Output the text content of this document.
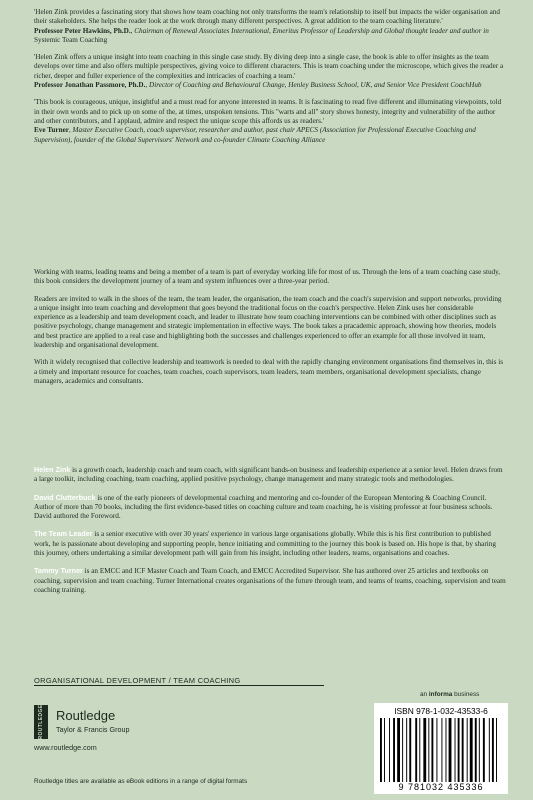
'Helen Zink provides a fascinating story that shows how team coaching not only transforms the team's relationship to itself but impacts the wider organisation and their stakeholders. She helps the reader look at the work through many different perspectives. A great addition to the team coaching literature.'
Professor Peter Hawkins, Ph.D., Chairman of Renewal Associates International, Emeritus Professor of Leadership and Global thought leader and author in Systemic Team Coaching
'Helen Zink offers a unique insight into team coaching in this single case study. By diving deep into a single case, the book is able to offer insights as the team develops over time and also offers multiple perspectives, giving voice to different characters. This is team coaching under the microscope, which gives the reader a richer, deeper and fuller experience of the complexities and intricacies of coaching a team.'
Professor Jonathan Passmore, Ph.D., Director of Coaching and Behavioural Change, Henley Business School, UK, and Senior Vice President CoachHub
'This book is courageous, unique, insightful and a must read for anyone interested in teams. It is fascinating to read five different and illuminating viewpoints, told in their own words and to pick up on some of the, at times, unspoken tensions. This "warts and all" story shows honesty, integrity and vulnerability of the author and other contributors, and I applaud, admire and respect the unique scope this affords us as readers.'
Eve Turner, Master Executive Coach, coach supervisor, researcher and author, past chair APECS (Association for Professional Executive Coaching and Supervision), founder of the Global Supervisors' Network and co-founder Climate Coaching Alliance

Working with teams, leading teams and being a member of a team is part of everyday working life for most of us. Through the lens of a team coaching case study, this book considers the development journey of a team and system influences over a three-year period.

Readers are invited to walk in the shoes of the team, the team leader, the organisation, the team coach and the coach's supervision and support networks, providing a unique insight into team coaching and development that goes beyond the traditional focus on the coach's perspective. Helen Zink uses her considerable experience as a leadership and team development coach, and leader to illustrate how team coaching interventions can be combined with other disciplines such as positive psychology, change management and strategic implementation in effective ways. The book takes a pracademic approach, showing how theories, models and best practice are applied to a real case and highlighting both the successes and challenges experienced to offer an example for all those involved in team, leadership and organisational development.

With it widely recognised that collective leadership and teamwork is needed to deal with the rapidly changing environment organisations find themselves in, this is a timely and important resource for coaches, team coaches, coach supervisors, team leaders, team members, organisational development specialists, change managers, academics and consultants.

Helen Zink is a growth coach, leadership coach and team coach, with significant hands-on business and leadership experience at a senior level. Helen draws from a large toolkit, including coaching, team coaching, applied positive psychology, change management and many strategic tools and methodologies.
David Clutterbuck is one of the early pioneers of developmental coaching and mentoring and co-founder of the European Mentoring & Coaching Council. Author of more than 70 books, including the first evidence-based titles on coaching culture and team coaching, he is visiting professor at four business schools. David authored the Foreword.
The Team Leader is a senior executive with over 30 years' experience in various large organisations globally. While this is his first contribution to published work, he is passionate about developing and supporting people, hence initiating and committing to the journey this book is based on. His hope is that, by sharing this journey, others undertaking a similar development path will gain from his insight, including other leaders, teams, organisations and coaches.
Tammy Turner is an EMCC and ICF Master Coach and Team Coach, and EMCC Accredited Supervisor. She has authored over 25 articles and textbooks on coaching, supervision and team coaching. Turner International creates organisations of the future through team, and teams of teams, coaching, supervision and team coaching training.
ORGANISATIONAL DEVELOPMENT / TEAM COACHING
an informa business
ROUTLEDGE Routledge
Taylor & Francis Group
www.routledge.com
Routledge titles are available as eBook editions in a range of digital formats
ISBN 978-1-032-43533-6
9 781032 435336
